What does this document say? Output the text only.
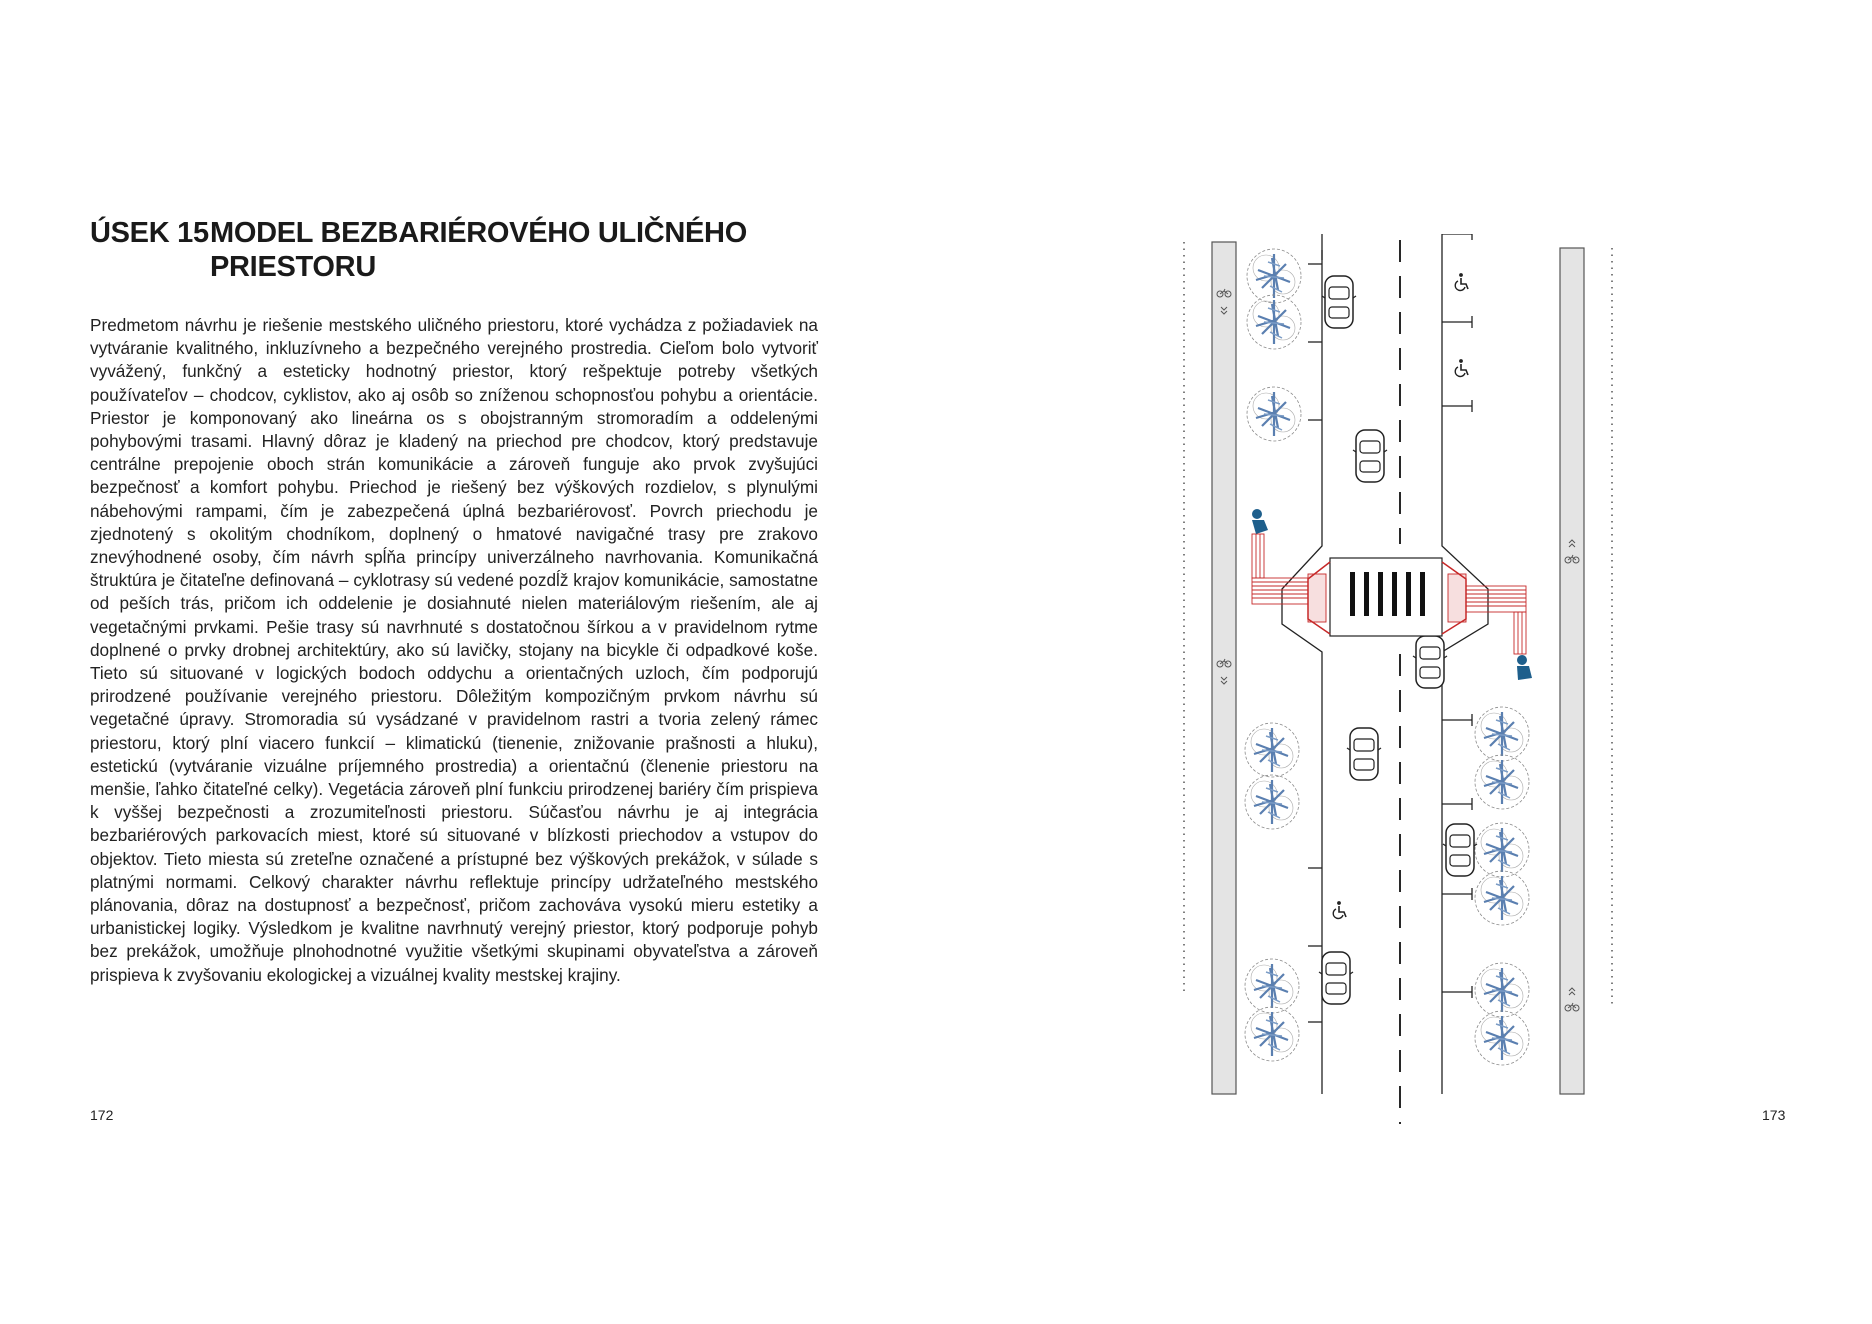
ÚSEK 15MODEL BEZBARIÉROVÉHO ULIČNÉHO
PRIESTORU

Predmetom návrhu je riešenie mestského uličného priestoru, ktoré vychádza z požiadaviek na vytváranie kvalitného, inkluzívneho a bezpečného verejného prostredia. Cieľom bolo vytvoriť vyvážený, funkčný a esteticky hodnotný priestor, ktorý rešpektuje potreby všetkých používateľov – chodcov, cyklistov, ako aj osôb so zníženou schopnosťou pohybu a orientácie. Priestor je komponovaný ako lineárna os s obojstranným stromoradím a oddelenými pohybovými trasami. Hlavný dôraz je kladený na priechod pre chodcov, ktorý predstavuje centrálne prepojenie oboch strán komunikácie a zároveň funguje ako prvok zvyšujúci bezpečnosť a komfort pohybu. Priechod je riešený bez výškových rozdielov, s plynulými nábehovými rampami, čím je zabezpečená úplná bezbariérovosť. Povrch priechodu je zjednotený s okolitým chodníkom, doplnený o hmatové navigačné trasy pre zrakovo znevýhodnené osoby, čím návrh spĺňa princípy univerzálneho navrhovania. Komunikačná štruktúra je čitateľne definovaná – cyklotrasy sú vedené pozdĺž krajov komunikácie, samostatne od peších trás, pričom ich oddelenie je dosiahnuté nielen materiálovým riešením, ale aj vegetačnými prvkami. Pešie trasy sú navrhnuté s dostatočnou šírkou a v pravidelnom rytme doplnené o prvky drobnej architektúry, ako sú lavičky, stojany na bicykle či odpadkové koše. Tieto sú situované v logických bodoch oddychu a orientačných uzloch, čím podporujú prirodzené používanie verejného priestoru. Dôležitým kompozičným prvkom návrhu sú vegetačné úpravy. Stromoradia sú vysádzané v pravidelnom rastri a tvoria zelený rámec priestoru, ktorý plní viacero funkcií – klimatickú (tienenie, znižovanie prašnosti a hluku), estetickú (vytváranie vizuálne príjemného prostredia) a orientačnú (členenie priestoru na menšie, ľahko čitateľné celky). Vegetácia zároveň plní funkciu prirodzenej bariéry čím prispieva k vyššej bezpečnosti a zrozumiteľnosti priestoru. Súčasťou návrhu je aj integrácia bezbariérových parkovacích miest, ktoré sú situované v blízkosti priechodov a vstupov do objektov. Tieto miesta sú zreteľne označené a prístupné bez výškových prekážok, v súlade s platnými normami. Celkový charakter návrhu reflektuje princípy udržateľného mestského plánovania, dôraz na dostupnosť a bezpečnosť, pričom zachováva vysokú mieru estetiky a urbanistickej logiky. Výsledkom je kvalitne navrhnutý verejný priestor, ktorý podporuje pohyb bez prekážok, umožňuje plnohodnotné využitie všetkými skupinami obyvateľstva a zároveň prispieva k zvyšovaniu ekologickej a vizuálnej kvality mestskej krajiny.

172	173
